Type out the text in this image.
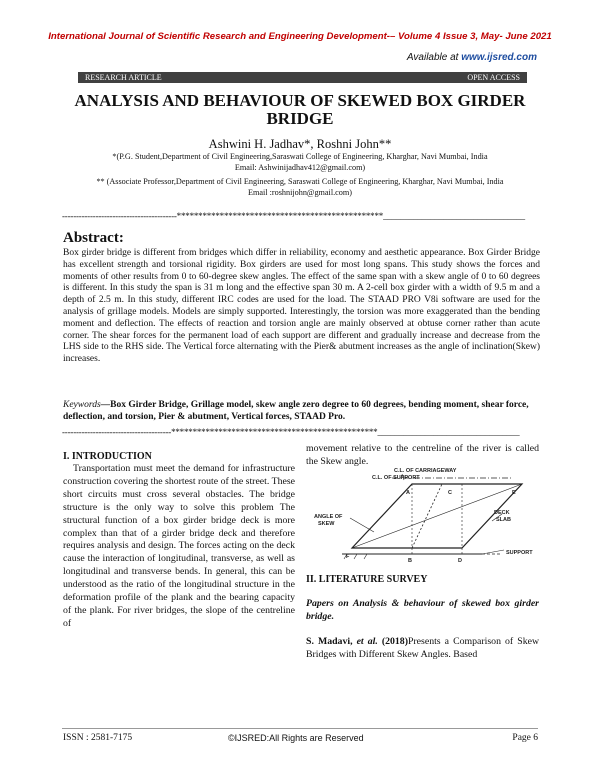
International Journal of Scientific Research and Engineering Development-– Volume 4 Issue 3, May- June 2021
Available at www.ijsred.com
RESEARCH ARTICLE	OPEN ACCESS
ANALYSIS AND BEHAVIOUR OF SKEWED BOX GIRDER
BRIDGE
Ashwini H. Jadhav*, Roshni John**
*(P.G. Student,Department of Civil Engineering,Saraswati College of Engineering, Kharghar, Navi Mumbai, India
Email: Ashwinijadhav412@gmail.com)
** (Associate Professor,Department of Civil Engineering, Saraswati College of Engineering, Kharghar, Navi Mumbai, India
Email :roshnijohn@gmail.com)
-----------------------------------------************************************************_________________________________
Abstract:
Box girder bridge is different from bridges which differ in reliability, economy and aesthetic appearance. Box Girder Bridge has excellent strength and torsional rigidity. Box girders are used for most long spans. This study shows the forces and moments of other results from 0 to 60-degree skew angles. The effect of the same span with a skew angle of 0 to 60 degrees is different. In this study the span is 31 m long and the effective span 30 m. A 2-cell box girder with a width of 9.5 m and a depth of 2.5 m. In this study, different IRC codes are used for the load. The STAAD PRO V8i software are used for the analysis of grillage models. Models are simply supported. Interestingly, the torsion was more exaggerated than the bending moment and deflection. The effects of reaction and torsion angle are mainly observed at obtuse corner rather than acute corner. The shear forces for the permanent load of each support are different and gradually increase and decrease from the LHS side to the RHS side. The Vertical force alternating with the Pier& abutment increases as the angle of inclination(Skew) increases.
Keywords—Box Girder Bridge, Grillage model, skew angle zero degree to 60 degrees, bending moment, shear force, deflection, and torsion, Pier & abutment, Vertical forces, STAAD Pro.
---------------------------------------************************************************_________________________________
I. INTRODUCTION
Transportation must meet the demand for infrastructure construction covering the shortest route of the street. These short circuits must cross several obstacles. The bridge structure is the only way to solve this problem The structural function of a box girder bridge deck is more complex than that of a girder bridge deck and therefore requires analysis and design. The forces acting on the deck cause the interaction of longitudinal, transverse, as well as longitudinal and transverse bends. In general, this can be understood as the ratio of the longitudinal structure in the deformation profile of the plank and the bearing capacity of the plank. For river bridges, the slope of the centreline of
movement relative to the centreline of the river is called the Skew angle.
C.L. OF CARRIAGEWAY
C.L. OF SUPPORT
ANGLE OF
SKEW
DECK
SLAB
SUPPORT
A
B
C
D
E
F
II. LITERATURE SURVEY
Papers on Analysis & behaviour of skewed box girder bridge.
S. Madavi, et al. (2018)Presents a Comparison of Skew Bridges with Different Skew Angles. Based
ISSN : 2581-7175	©IJSRED:All Rights are Reserved	Page 6
